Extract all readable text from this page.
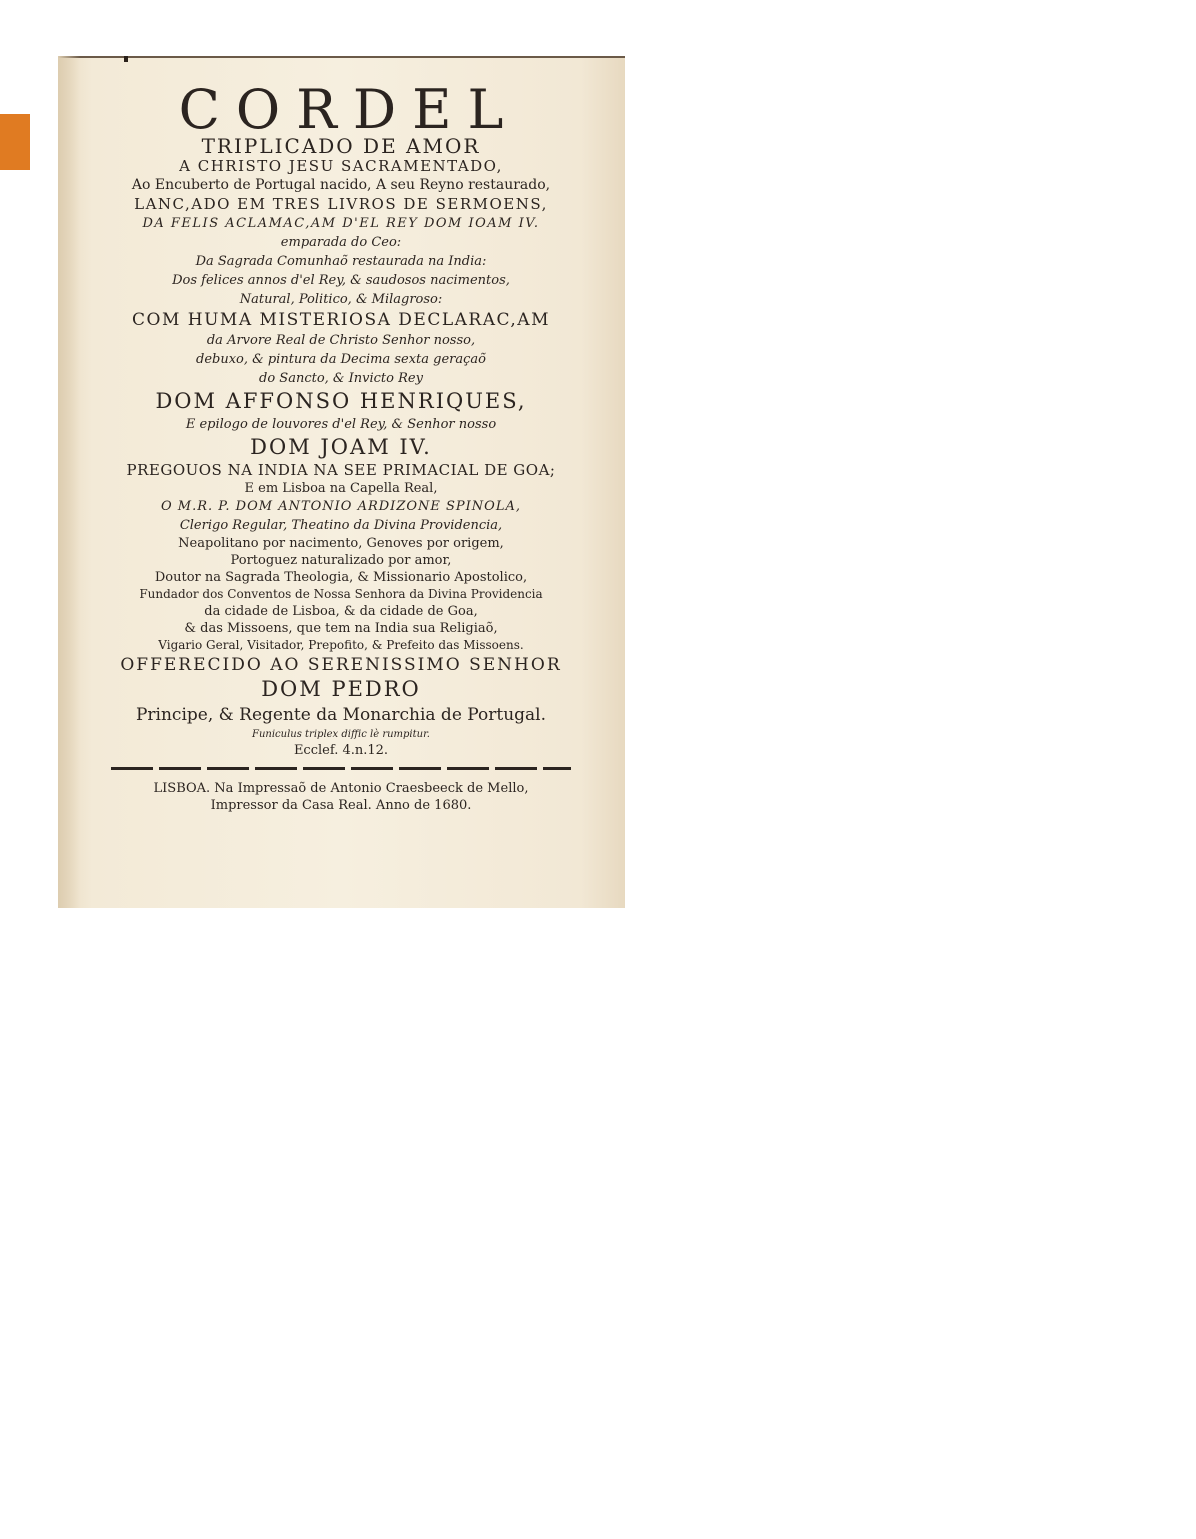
CORDEL
TRIPLICADO DE AMOR
A CHRISTO JESU SACRAMENTADO,
Ao Encuberto de Portugal nacido, A seu Reyno restaurado,
LANC,ADO EM TRES LIVROS DE SERMOENS,
DA FELIS ACLAMAC,AM D'EL REY DOM IOAM IV.
emparada do Ceo:
Da Sagrada Comunhaõ restaurada na India:
Dos felices annos d'el Rey, & saudosos nacimentos,
Natural, Politico, & Milagroso:
COM HUMA MISTERIOSA DECLARAC,AM
da Arvore Real de Christo Senhor nosso,
debuxo, & pintura da Decima sexta geraçaõ
do Sancto, & Invicto Rey
DOM AFFONSO HENRIQUES,
E epilogo de louvores d'el Rey, & Senhor nosso
DOM JOAM IV.
PREGOUOS NA INDIA NA SEE PRIMACIAL DE GOA;
E em Lisboa na Capella Real,
O M.R. P. DOM ANTONIO ARDIZONE SPINOLA,
Clerigo Regular, Theatino da Divina Providencia,
Neapolitano por nacimento, Genoves por origem,
Portoguez naturalizado por amor,
Doutor na Sagrada Theologia, & Missionario Apostolico,
Fundador dos Conventos de Nossa Senhora da Divina Providencia
da cidade de Lisboa, & da cidade de Goa,
& das Missoens, que tem na India sua Religiaõ,
Vigario Geral, Visitador, Prepofito, & Prefeito das Missoens.
OFFERECIDO AO SERENISSIMO SENHOR
DOM PEDRO
Principe, & Regente da Monarchia de Portugal.
Funiculus triplex diffic lè rumpitur.
Ecclef. 4.n.12.
LISBOA. Na Impressaõ de Antonio Craesbeeck de Mello,
Impressor da Casa Real. Anno de 1680.
